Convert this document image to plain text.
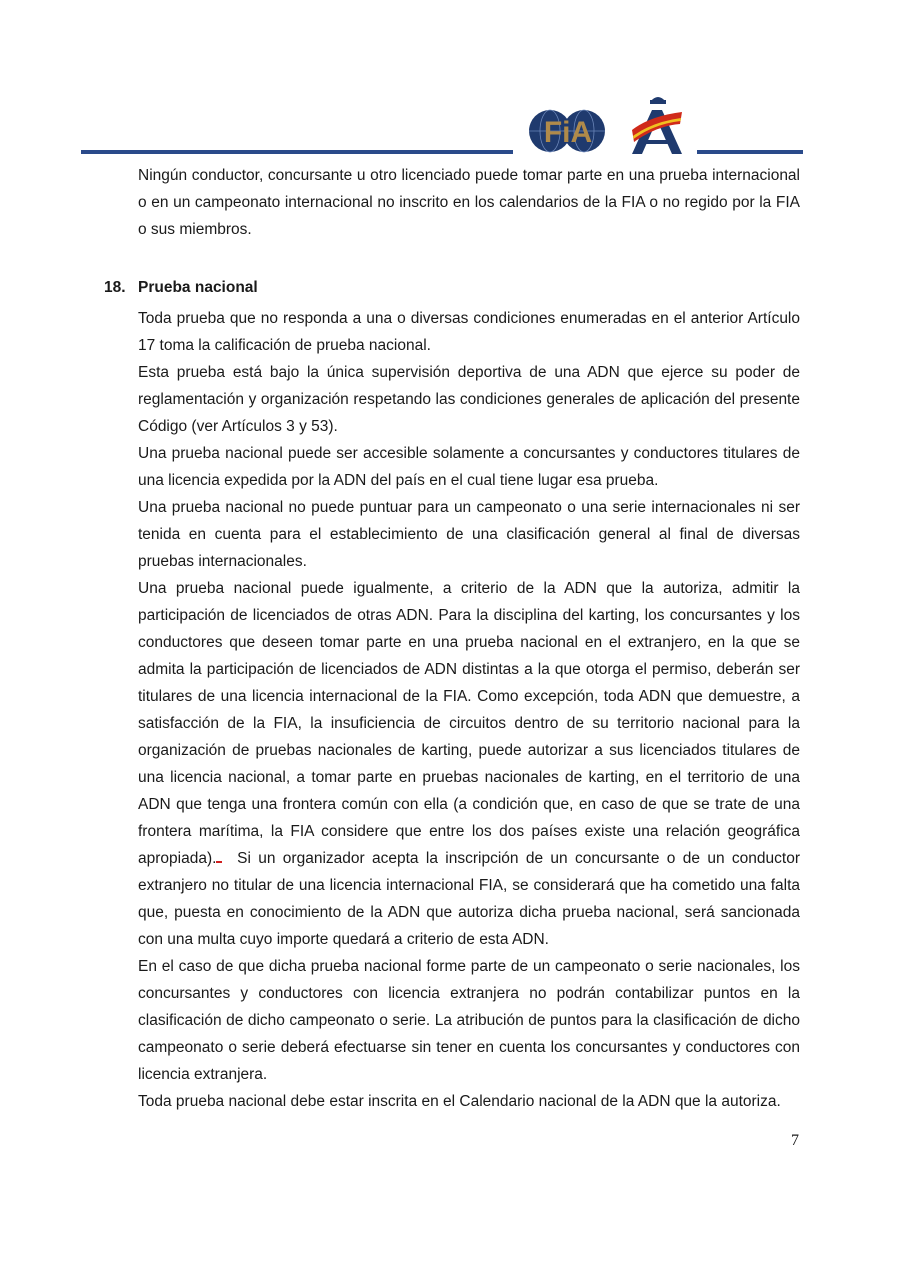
FiA

Ningún conductor, concursante u otro licenciado puede tomar parte en una prueba internacional o en un campeonato internacional no inscrito en los calendarios de la FIA o no regido por la FIA o sus miembros.

18. Prueba nacional

Toda prueba que no responda a una o diversas condiciones enumeradas en el anterior Artículo 17 toma la calificación de prueba nacional.

Esta prueba está bajo la única supervisión deportiva de una ADN que ejerce su poder de reglamentación y organización respetando las condiciones generales de aplicación del presente Código (ver Artículos 3 y 53).

Una prueba nacional puede ser accesible solamente a concursantes y conductores titulares de una licencia expedida por la ADN del país en el cual tiene lugar esa prueba.

Una prueba nacional no puede puntuar para un campeonato o una serie internacionales ni ser tenida en cuenta para el establecimiento de una clasificación general al final de diversas pruebas internacionales.

Una prueba nacional puede igualmente, a criterio de la ADN que la autoriza, admitir la participación de licenciados de otras ADN. Para la disciplina del karting, los concursantes y los conductores que deseen tomar parte en una prueba nacional en el extranjero, en la que se admita la participación de licenciados de ADN distintas a la que otorga el permiso, deberán ser titulares de una licencia internacional de la FIA. Como excepción, toda ADN que demuestre, a satisfacción de la FIA, la insuficiencia de circuitos dentro de su territorio nacional para la organización de pruebas nacionales de karting, puede autorizar a sus licenciados titulares de una licencia nacional, a tomar parte en pruebas nacionales de karting, en el territorio de una ADN que tenga una frontera común con ella (a condición que, en caso de que se trate de una frontera marítima, la FIA considere que entre los dos países existe una relación geográfica apropiada).

Si un organizador acepta la inscripción de un concursante o de un conductor extranjero no titular de una licencia internacional FIA, se considerará que ha cometido una falta que, puesta en conocimiento de la ADN que autoriza dicha prueba nacional, será sancionada con una multa cuyo importe quedará a criterio de esta ADN.

En el caso de que dicha prueba nacional forme parte de un campeonato o serie nacionales, los concursantes y conductores con licencia extranjera no podrán contabilizar puntos en la clasificación de dicho campeonato o serie. La atribución de puntos para la clasificación de dicho campeonato o serie deberá efectuarse sin tener en cuenta los concursantes y conductores con licencia extranjera.

Toda prueba nacional debe estar inscrita en el Calendario nacional de la ADN que la autoriza.

7
